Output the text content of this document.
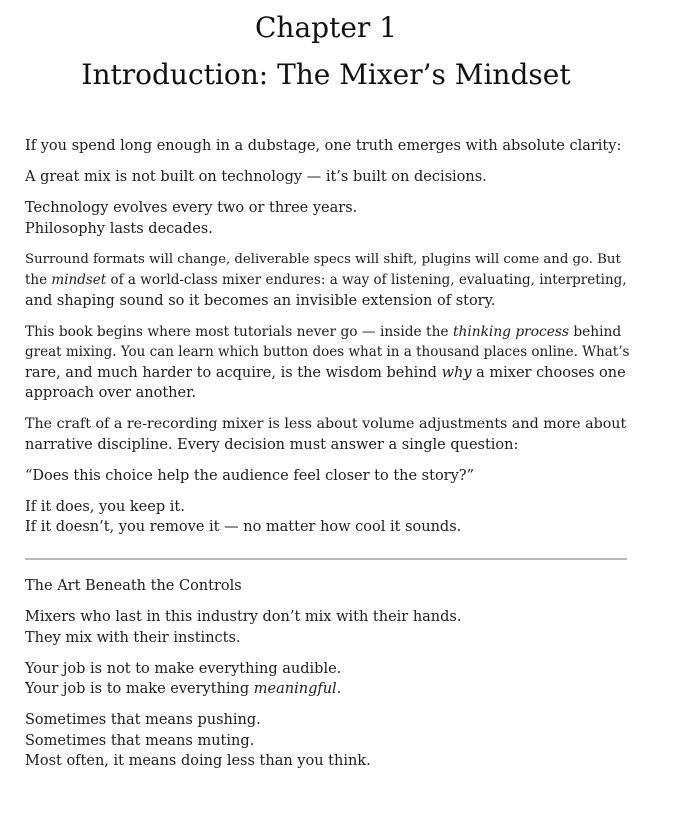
Chapter 1
Introduction: The Mixer’s Mindset

If you spend long enough in a dubstage, one truth emerges with absolute clarity:

A great mix is not built on technology — it’s built on decisions.

Technology evolves every two or three years.
Philosophy lasts decades.

Surround formats will change, deliverable specs will shift, plugins will come and go. But
the mindset of a world-class mixer endures: a way of listening, evaluating, interpreting,
and shaping sound so it becomes an invisible extension of story.

This book begins where most tutorials never go — inside the thinking process behind
great mixing. You can learn which button does what in a thousand places online. What’s
rare, and much harder to acquire, is the wisdom behind why a mixer chooses one
approach over another.

The craft of a re-recording mixer is less about volume adjustments and more about
narrative discipline. Every decision must answer a single question:

“Does this choice help the audience feel closer to the story?”

If it does, you keep it.
If it doesn’t, you remove it — no matter how cool it sounds.

The Art Beneath the Controls

Mixers who last in this industry don’t mix with their hands.
They mix with their instincts.

Your job is not to make everything audible.
Your job is to make everything meaningful.

Sometimes that means pushing.
Sometimes that means muting.
Most often, it means doing less than you think.
